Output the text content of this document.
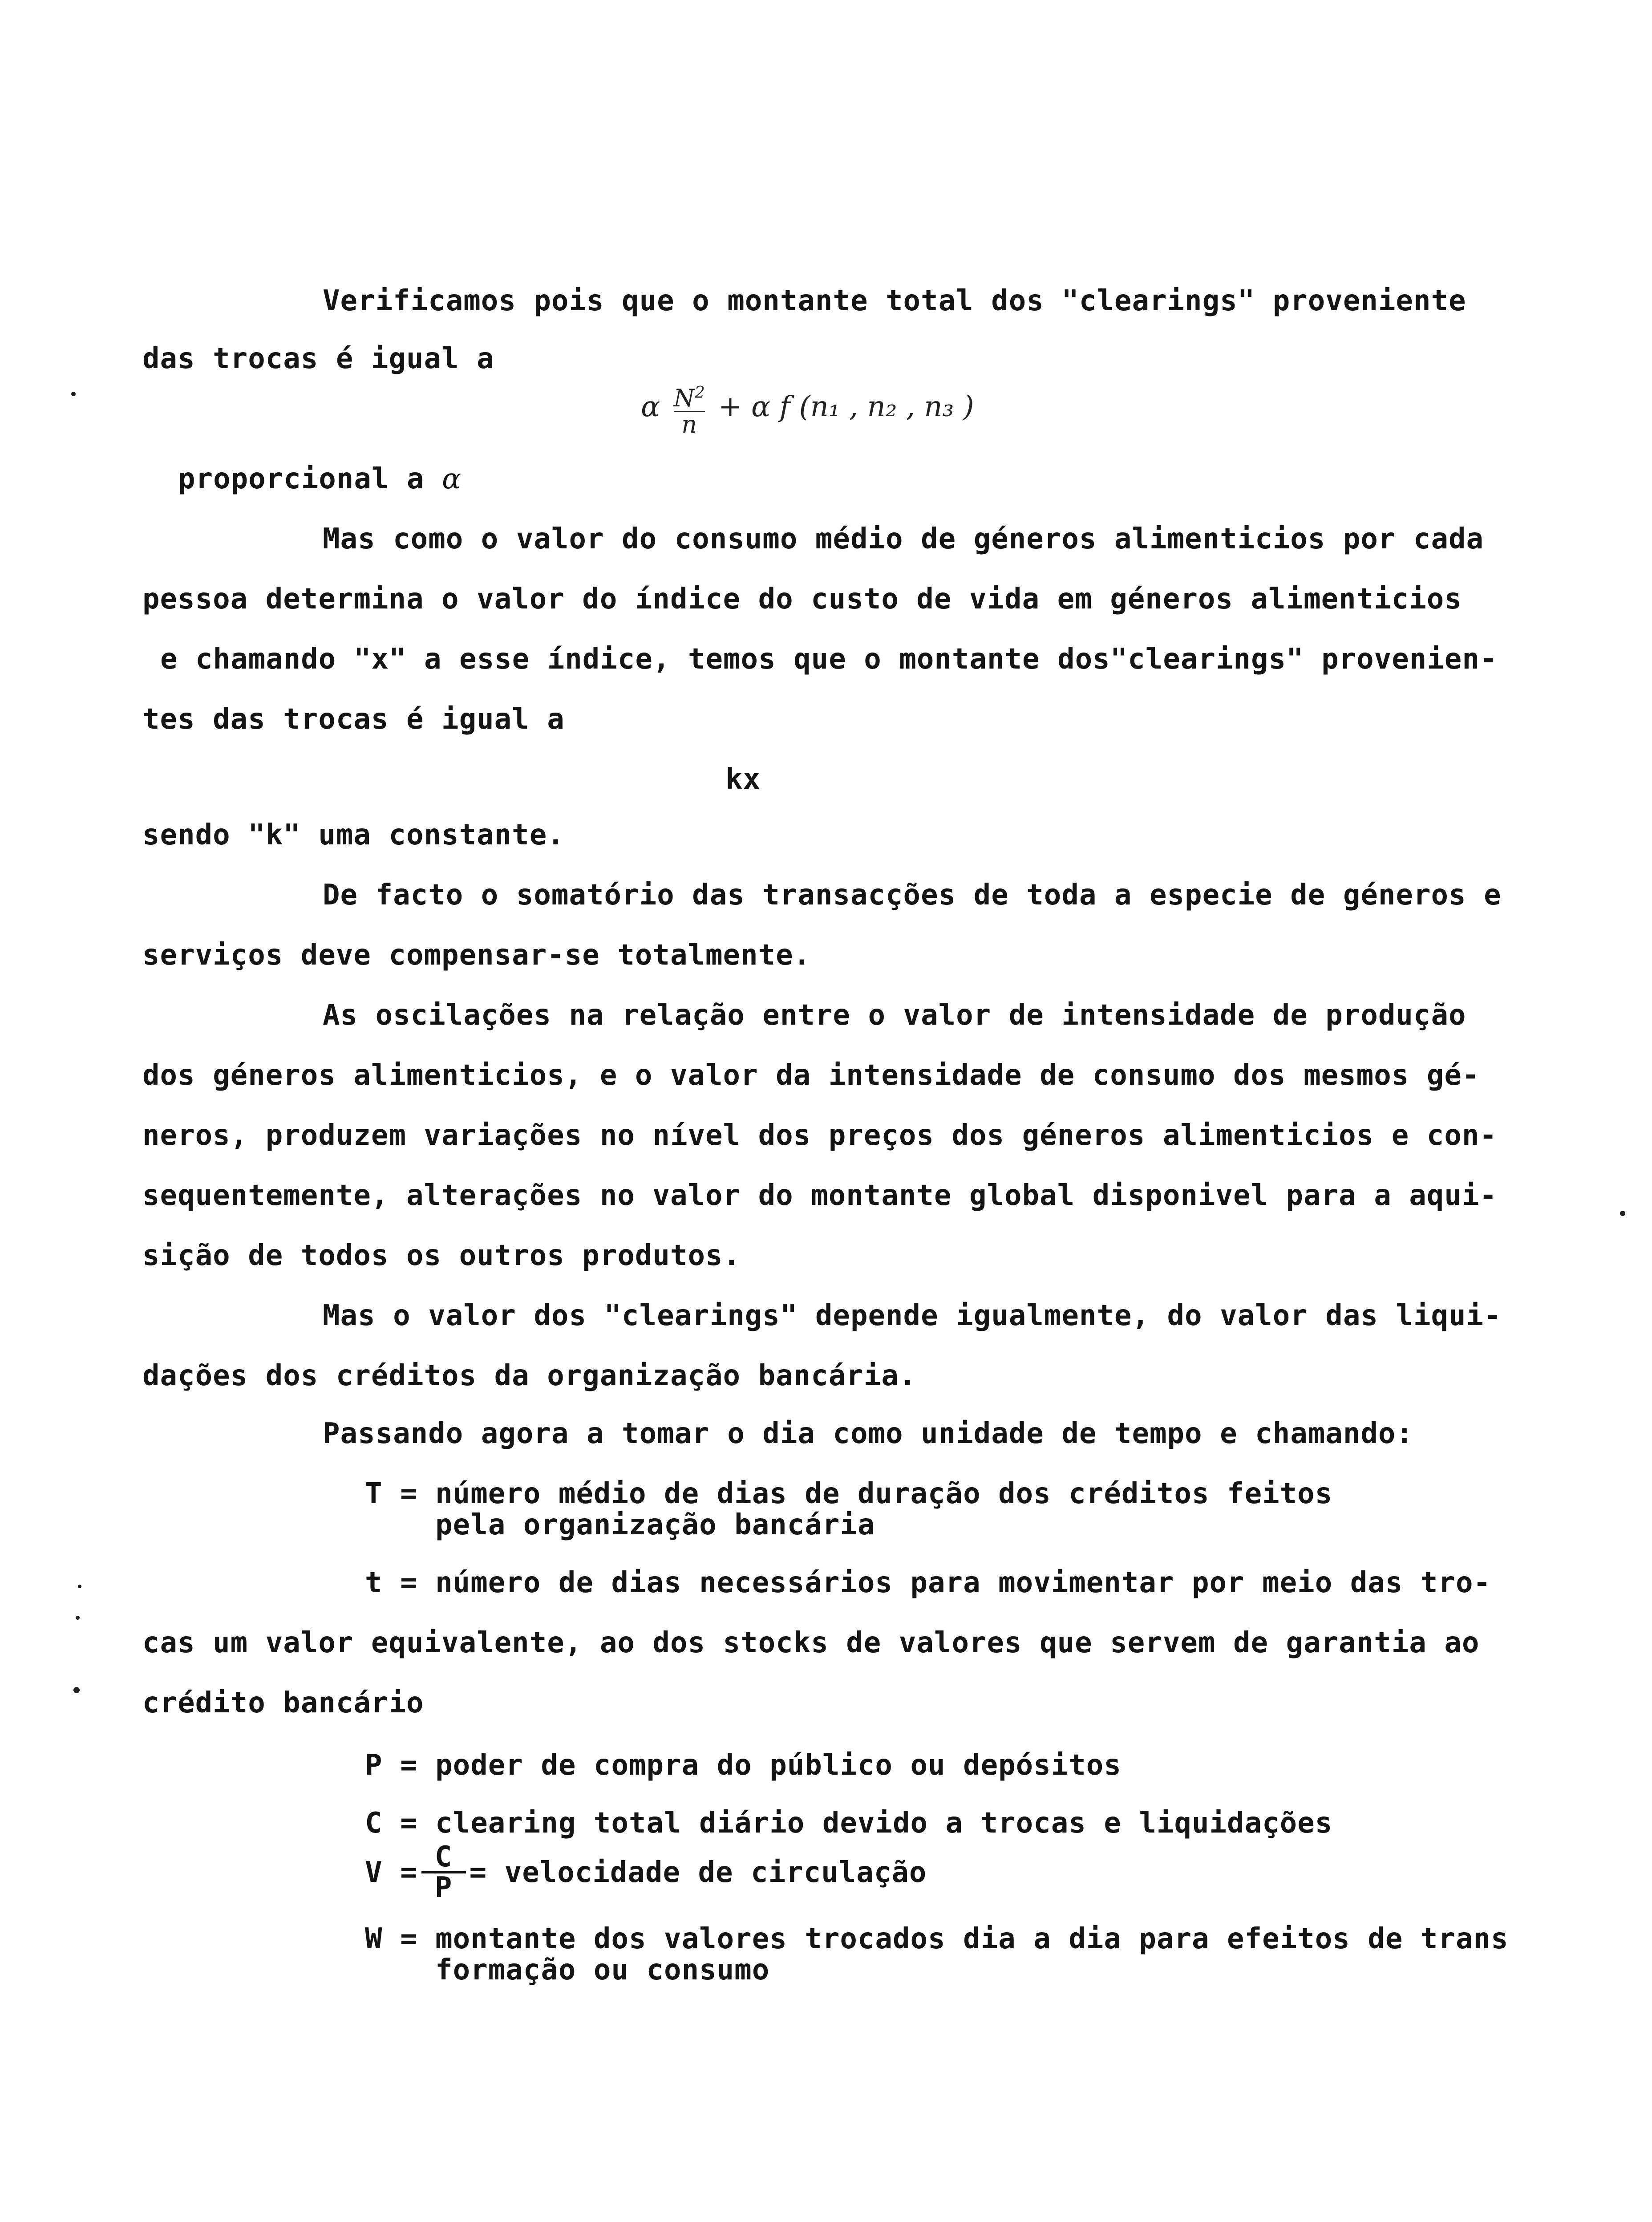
Verificamos pois que o montante total dos "clearings" proveniente
das trocas é igual a
α $\frac{N^2}{n} + \alpha$ f (n₁ , n₂ , n₃ )
proporcional a α
Mas como o valor do consumo médio de géneros alimenticios por cada
pessoa determina o valor do índice do custo de vida em géneros alimenticios
e chamando "x" a esse índice, temos que o montante dos"clearings" provenien-
tes das trocas é igual a
kx
sendo "k" uma constante.
De facto o somatório das transacções de toda a especie de géneros e
serviços deve compensar-se totalmente.
As oscilações na relação entre o valor de intensidade de produção
dos géneros alimenticios, e o valor da intensidade de consumo dos mesmos gé-
neros, produzem variações no nível dos preços dos géneros alimenticios e con-
sequentemente, alterações no valor do montante global disponivel para a aqui-
sição de todos os outros produtos.
Mas o valor dos "clearings" depende igualmente, do valor das liqui-
dações dos créditos da organização bancária.
Passando agora a tomar o dia como unidade de tempo e chamando:
T = número médio de dias de duração dos créditos feitos
pela organização bancária
t = número de dias necessários para movimentar por meio das tro-
cas um valor equivalente, ao dos stocks de valores que servem de garantia ao
crédito bancário
P = poder de compra do público ou depósitos
C = clearing total diário devido a trocas e liquidações
$V = \frac{C}{P}$ = velocidade de circulação
W = montante dos valores trocados dia a dia para efeitos de trans
formação ou consumo
